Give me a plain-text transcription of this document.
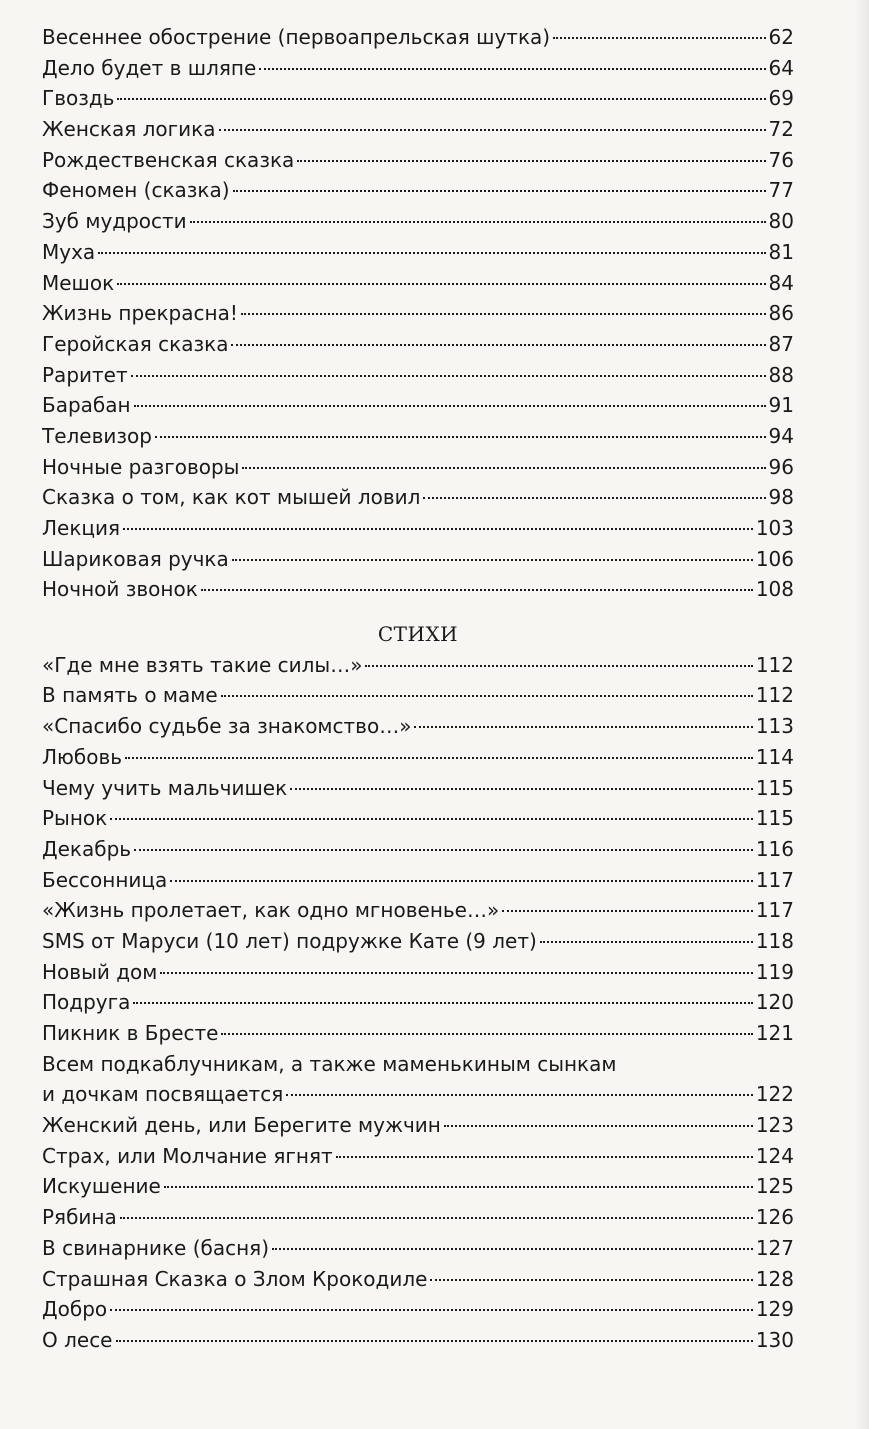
Весеннее обострение (первоапрельская шутка)	62
Дело будет в шляпе	64
Гвоздь	69
Женская логика	72
Рождественская сказка	76
Феномен (сказка)	77
Зуб мудрости	80
Муха	81
Мешок	84
Жизнь прекрасна!	86
Геройская сказка	87
Раритет	88
Барабан	91
Телевизор	94
Ночные разговоры	96
Сказка о том, как кот мышей ловил	98
Лекция	103
Шариковая ручка	106
Ночной звонок	108
СТИХИ
«Где мне взять такие силы…»	112
В память о маме	112
«Спасибо судьбе за знакомство…»	113
Любовь	114
Чему учить мальчишек	115
Рынок	115
Декабрь	116
Бессонница	117
«Жизнь пролетает, как одно мгновенье…»	117
SMS от Маруси (10 лет) подружке Кате (9 лет)	118
Новый дом	119
Подруга	120
Пикник в Бресте	121
Всем подкаблучникам, а также маменькиным сынкам
и дочкам посвящается	122
Женский день, или Берегите мужчин	123
Страх, или Молчание ягнят	124
Искушение	125
Рябина	126
В свинарнике (басня)	127
Страшная Сказка о Злом Крокодиле	128
Добро	129
О лесе	130
